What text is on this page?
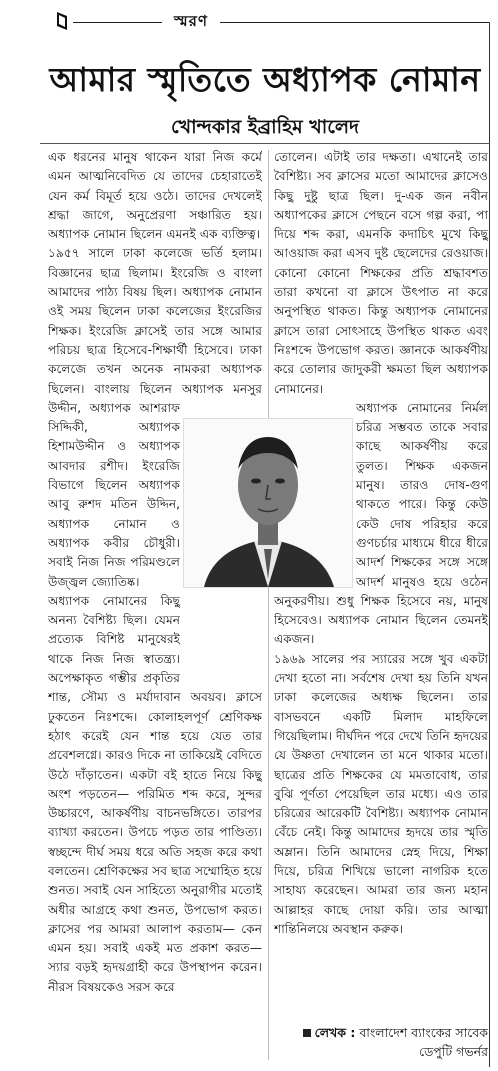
স্মরণ
আমার স্মৃতিতে অধ্যাপক নোমান
খোন্দকার ইব্রাহিম খালেদ

এক ধরনের মানুষ থাকেন যারা নিজ কর্মে এমন আত্মনিবেদিত যে তাদের চেহারাতেই যেন কর্ম বিমূর্ত হয়ে ওঠে। তাদের দেখলেই শ্রদ্ধা জাগে, অনুপ্রেরণা সঞ্চারিত হয়। অধ্যাপক নোমান ছিলেন এমনই এক ব্যক্তিত্ব।

১৯৫৭ সালে ঢাকা কলেজে ভর্তি হলাম। বিজ্ঞানের ছাত্র ছিলাম। ইংরেজি ও বাংলা আমাদের পাঠ্য বিষয় ছিল। অধ্যাপক নোমান ওই সময় ছিলেন ঢাকা কলেজের ইংরেজির শিক্ষক। ইংরেজি ক্লাসেই তার সঙ্গে আমার পরিচয় ছাত্র হিসেবে-শিক্ষার্থী হিসেবে। ঢাকা কলেজে তখন অনেক নামকরা অধ্যাপক ছিলেন। বাংলায় ছিলেন অধ্যাপক মনসুর উদ্দীন, অধ্যাপক আশরাফ সিদ্দিকী, অধ্যাপক হিশামউদ্দীন ও অধ্যাপক আবদার রশীদ। ইংরেজি বিভাগে ছিলেন অধ্যাপক আবু রুশদ মতিন উদ্দিন, অধ্যাপক নোমান ও অধ্যাপক কবীর চৌধুরী। সবাই নিজ নিজ পরিমণ্ডলে উজ্জ্বল জ্যোতিষ্ক।

অধ্যাপক নোমানের কিছু অনন্য বৈশিষ্ট্য ছিল। যেমন প্রত্যেক বিশিষ্ট মানুষেরই থাকে নিজ নিজ স্বাতন্ত্র্য। অপেক্ষাকৃত গম্ভীর প্রকৃতির শান্ত, সৌম্য ও মর্যাদাবান অবয়ব। ক্লাসে ঢুকতেন নিঃশব্দে। কোলাহলপূর্ণ শ্রেণিকক্ষ হঠাৎ করেই যেন শান্ত হয়ে যেত তার প্রবেশলগ্নে। কারও দিকে না তাকিয়েই বেদিতে উঠে দাঁড়াতেন। একটা বই হাতে নিয়ে কিছু অংশ পড়তেন— পরিমিত শব্দ করে, সুন্দর উচ্চারণে, আকর্ষণীয় বাচনভঙ্গিতে। তারপর ব্যাখ্যা করতেন। উপচে পড়ত তার পাণ্ডিত্য। স্বচ্ছন্দে দীর্ঘ সময় ধরে অতি সহজ করে কথা বলতেন। শ্রেণিকক্ষের সব ছাত্র সম্মোহিত হয়ে শুনত। সবাই যেন সাহিত্যে অনুরাগীর মতোই অধীর আগ্রহে কথা শুনত, উপভোগ করত। ক্লাসের পর আমরা আলাপ করতাম— কেন এমন হয়। সবাই একই মত প্রকাশ করত— স্যার বড়ই হৃদয়গ্রাহী করে উপস্থাপন করেন। নীরস বিষয়কেও সরস করে

তোলেন। এটাই তার দক্ষতা। এখানেই তার বৈশিষ্ট্য। সব ক্লাসের মতো আমাদের ক্লাসেও কিছু দুষ্টু ছাত্র ছিল। দু-এক জন নবীন অধ্যাপকের ক্লাসে পেছনে বসে গল্প করা, পা দিয়ে শব্দ করা, এমনকি কদাচিৎ মুখে কিছু আওয়াজ করা এসব দুষ্ট ছেলেদের রেওয়াজ। কোনো কোনো শিক্ষকের প্রতি শ্রদ্ধাবশত তারা কখনো বা ক্লাসে উৎপাত না করে অনুপস্থিত থাকত। কিন্তু অধ্যাপক নোমানের ক্লাসে তারা সোৎসাহে উপস্থিত থাকত এবং নিঃশব্দে উপভোগ করত। জ্ঞানকে আকর্ষণীয় করে তোলার জাদুকরী ক্ষমতা ছিল অধ্যাপক নোমানের।

অধ্যাপক নোমানের নির্মল চরিত্র সম্ভবত তাকে সবার কাছে আকর্ষণীয় করে তুলত। শিক্ষক একজন মানুষ। তারও দোষ-গুণ থাকতে পারে। কিন্তু কেউ কেউ দোষ পরিহার করে গুণচর্চার মাধ্যমে ধীরে ধীরে আদর্শ শিক্ষকের সঙ্গে সঙ্গে আদর্শ মানুষও হয়ে ওঠেন অনুকরণীয়। শুধু শিক্ষক হিসেবে নয়, মানুষ হিসেবেও। অধ্যাপক নোমান ছিলেন তেমনই একজন।

১৯৬৯ সালের পর স্যারের সঙ্গে খুব একটা দেখা হতো না। সর্বশেষ দেখা হয় তিনি যখন ঢাকা কলেজের অধ্যক্ষ ছিলেন। তার বাসভবনে একটি মিলাদ মাহফিলে গিয়েছিলাম। দীর্ঘদিন পরে দেখে তিনি হৃদয়ের যে উষ্ণতা দেখালেন তা মনে থাকার মতো। ছাত্রের প্রতি শিক্ষকের যে মমতাবোধ, তার বুঝি পূর্ণতা পেয়েছিল তার মধ্যে। এও তার চরিত্রের আরেকটি বৈশিষ্ট্য। অধ্যাপক নোমান বেঁচে নেই। কিন্তু আমাদের হৃদয়ে তার স্মৃতি অম্লান। তিনি আমাদের স্নেহ দিয়ে, শিক্ষা দিয়ে, চরিত্র শিখিয়ে ভালো নাগরিক হতে সাহায্য করেছেন। আমরা তার জন্য মহান আল্লাহর কাছে দোয়া করি। তার আত্মা শান্তিনিলয়ে অবস্থান করুক।

লেখক : বাংলাদেশ ব্যাংকের সাবেক ডেপুটি গভর্নর
